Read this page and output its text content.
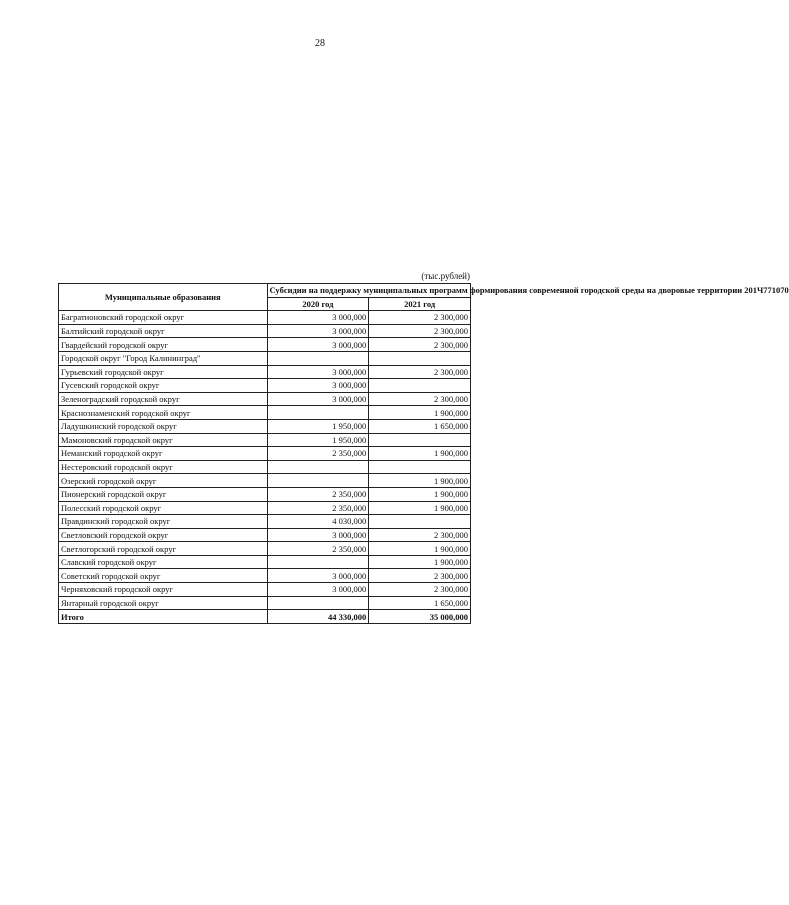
28
(тыс.рублей)
Муниципальные образования	Субсидии на поддержку муниципальных программ формирования современной городской среды на дворовые территории 201Ч771070	
	2020 год	2021 год
Багратионовский городской округ	3 000,000	2 300,000
Балтийский городской округ	3 000,000	2 300,000
Гвардейский городской округ	3 000,000	2 300,000
Городской округ "Город Калининград"		
Гурьевский городской округ	3 000,000	2 300,000
Гусевский городской округ	3 000,000	
Зеленоградский городской округ	3 000,000	2 300,000
Краснознаменский городской округ		1 900,000
Ладушкинский городской округ	1 950,000	1 650,000
Мамоновский городской округ	1 950,000	
Неманский городской округ	2 350,000	1 900,000
Нестеровский городской округ		
Озерский городской округ		1 900,000
Пионерский городской округ	2 350,000	1 900,000
Полесский городской округ	2 350,000	1 900,000
Правдинский городской округ	4 030,000	
Светловский городской округ	3 000,000	2 300,000
Светлогорский городской округ	2 350,000	1 900,000
Славский городской округ		1 900,000
Советский городской округ	3 000,000	2 300,000
Черняховский городской округ	3 000,000	2 300,000
Янтарный городской округ		1 650,000
Итого	44 330,000	35 000,000
